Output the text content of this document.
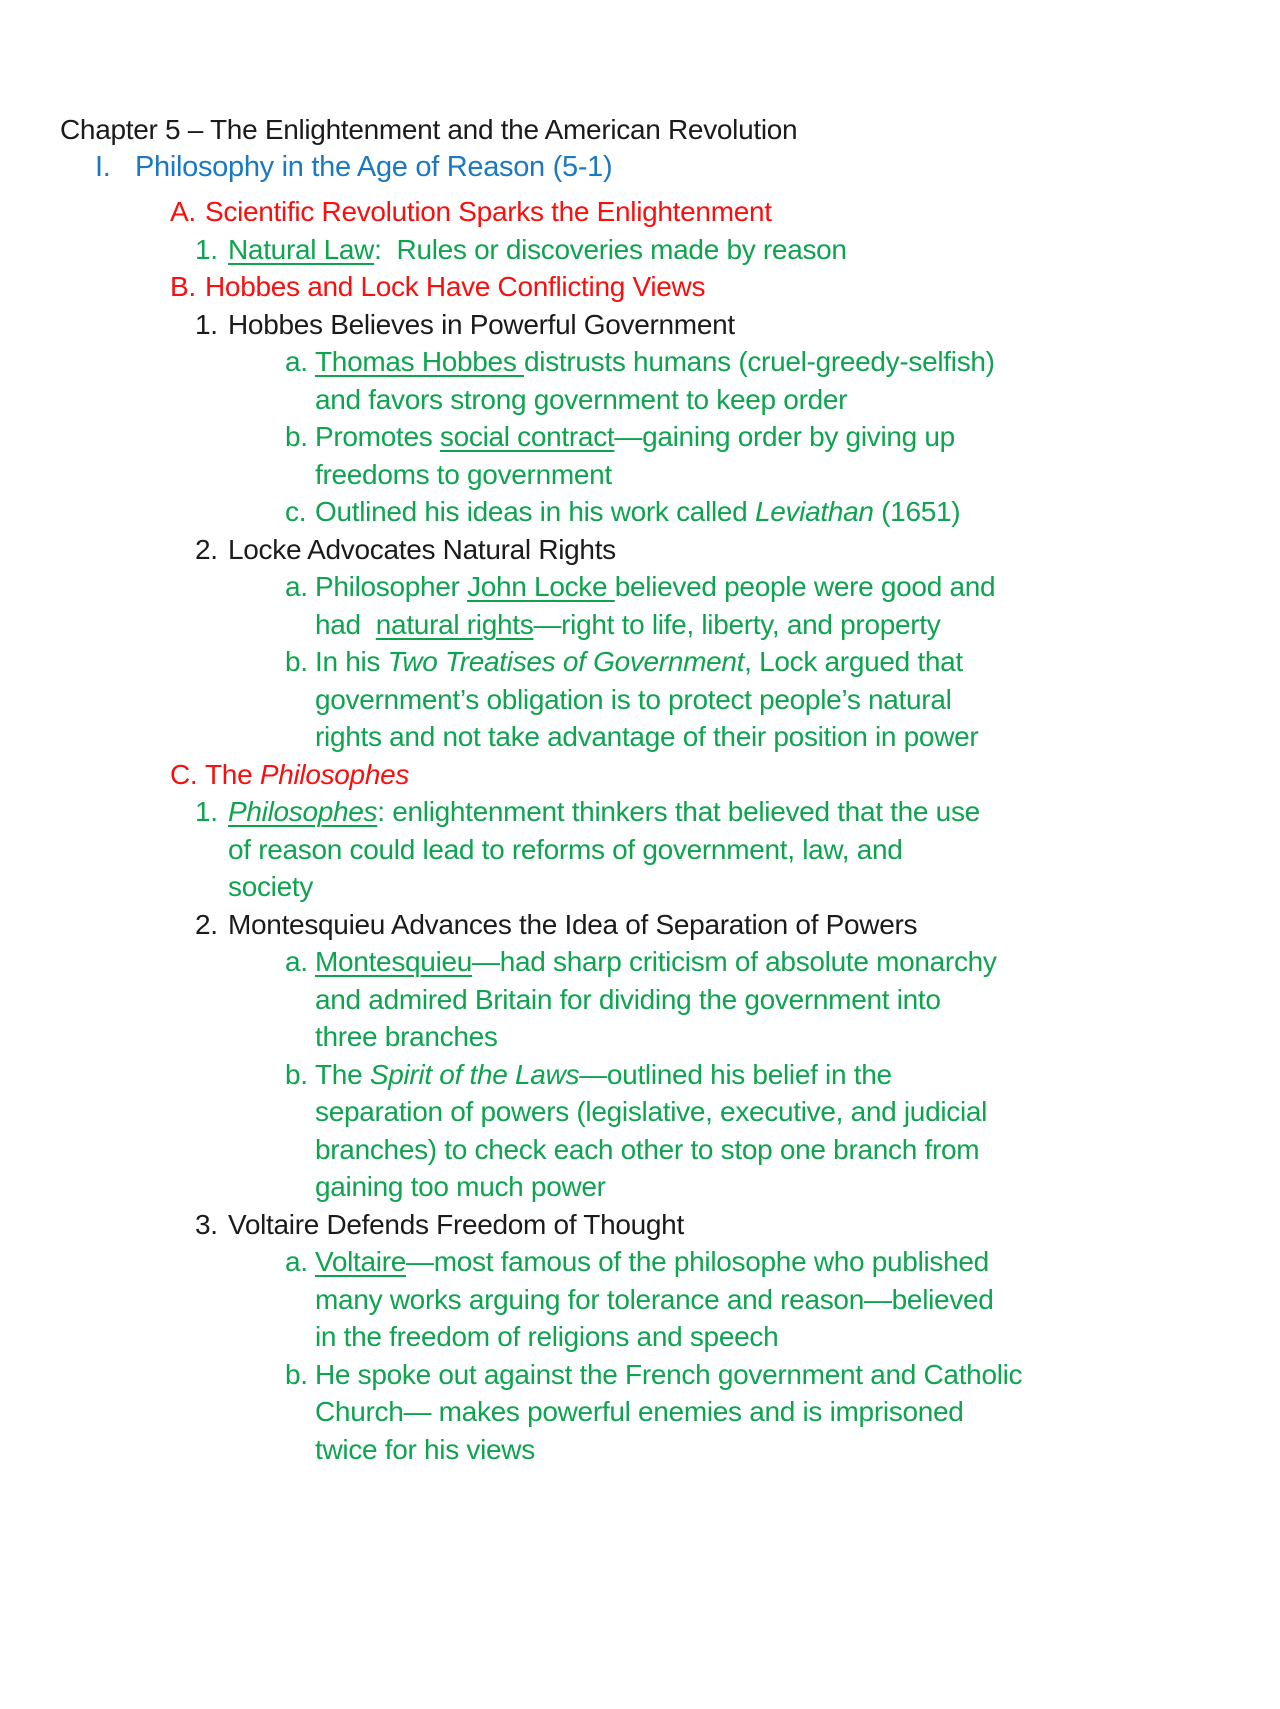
Chapter 5 – The Enlightenment and the American Revolution
I. Philosophy in the Age of Reason (5-1)
A. Scientific Revolution Sparks the Enlightenment
1. Natural Law:  Rules or discoveries made by reason
B. Hobbes and Lock Have Conflicting Views
1. Hobbes Believes in Powerful Government
a. Thomas Hobbes distrusts humans (cruel-greedy-selfish)
and favors strong government to keep order
b. Promotes social contract—gaining order by giving up
freedoms to government
c. Outlined his ideas in his work called Leviathan (1651)
2. Locke Advocates Natural Rights
a. Philosopher John Locke believed people were good and
had  natural rights—right to life, liberty, and property
b. In his Two Treatises of Government, Lock argued that
government’s obligation is to protect people’s natural
rights and not take advantage of their position in power
C. The Philosophes
1. Philosophes: enlightenment thinkers that believed that the use
of reason could lead to reforms of government, law, and
society
2. Montesquieu Advances the Idea of Separation of Powers
a. Montesquieu—had sharp criticism of absolute monarchy
and admired Britain for dividing the government into
three branches
b. The Spirit of the Laws—outlined his belief in the
separation of powers (legislative, executive, and judicial
branches) to check each other to stop one branch from
gaining too much power
3. Voltaire Defends Freedom of Thought
a. Voltaire—most famous of the philosophe who published
many works arguing for tolerance and reason—believed
in the freedom of religions and speech
b. He spoke out against the French government and Catholic
Church— makes powerful enemies and is imprisoned
twice for his views
